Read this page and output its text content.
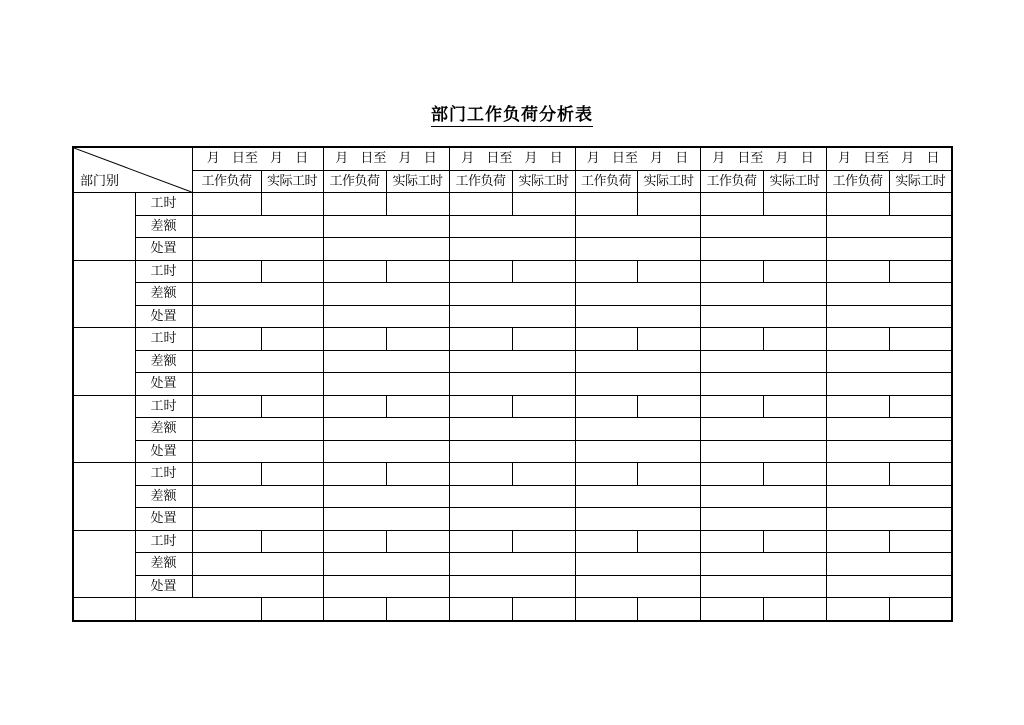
部门工作负荷分析表
部门别		月 日至 月 日		月 日至 月 日		月 日至 月 日		月 日至 月 日		月 日至 月 日		月 日至 月 日	
		工作负荷	实际工时	工作负荷	实际工时	工作负荷	实际工时	工作负荷	实际工时	工作负荷	实际工时	工作负荷	实际工时
	工时												
	差额												
	处置												
	工时												
	差额												
	处置												
	工时												
	差额												
	处置												
	工时												
	差额												
	处置												
	工时												
	差额												
	处置												
	工时												
	差额												
	处置												
